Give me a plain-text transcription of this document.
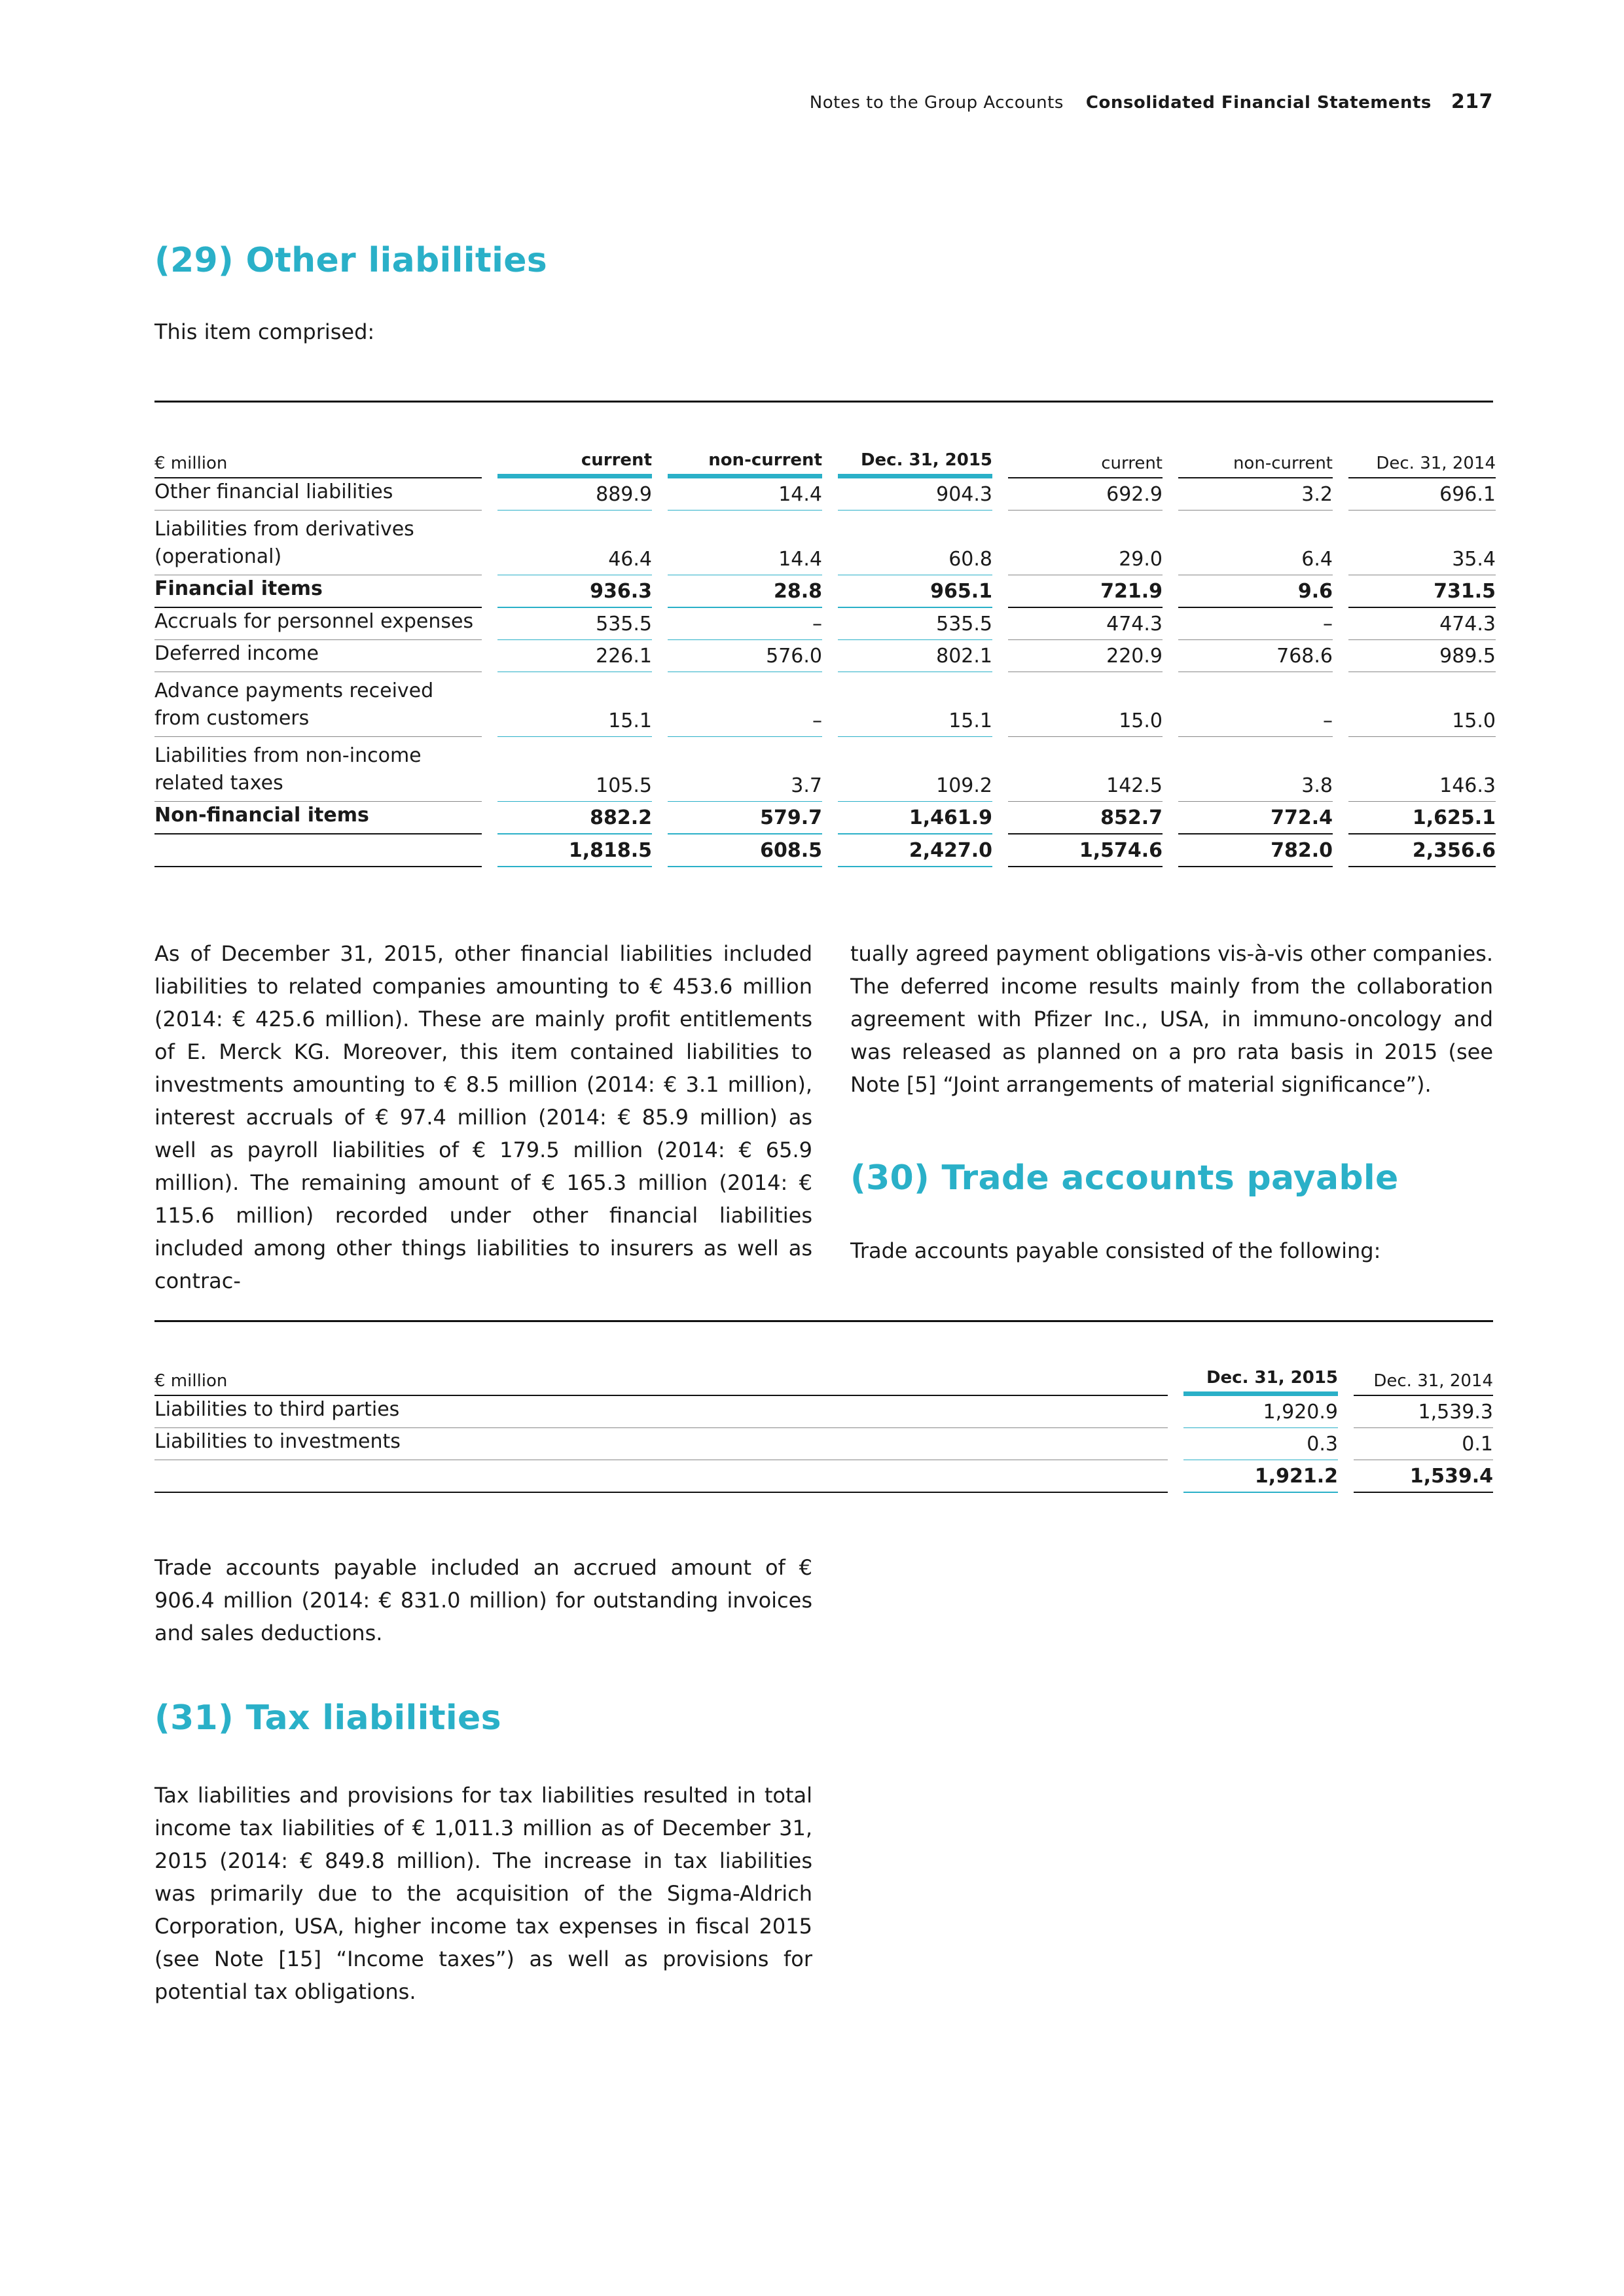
Notes to the Group Accounts Consolidated Financial Statements 217
(29) Other liabilities

This item comprised:

€ million		current		non-current		Dec. 31, 2015		current		non-current		Dec. 31, 2014
Other financial liabilities		889.9		14.4		904.3		692.9		3.2		696.1
Liabilities from derivatives (operational)		46.4		14.4		60.8		29.0		6.4		35.4
Financial items		936.3		28.8		965.1		721.9		9.6		731.5
Accruals for personnel expenses		535.5		–		535.5		474.3		–		474.3
Deferred income		226.1		576.0		802.1		220.9		768.6		989.5
Advance payments received from customers		15.1		–		15.1		15.0		–		15.0
Liabilities from non-income related taxes		105.5		3.7		109.2		142.5		3.8		146.3
Non-financial items		882.2		579.7		1,461.9		852.7		772.4		1,625.1
		1,818.5		608.5		2,427.0		1,574.6		782.0		2,356.6

As of December 31, 2015, other financial liabilities included liabilities to related companies amounting to € 453.6 million (2014: € 425.6 million). These are mainly profit entitlements of E. Merck KG. Moreover, this item contained liabilities to investments amounting to € 8.5 million (2014: € 3.1 million), interest accruals of € 97.4 million (2014: € 85.9 million) as well as payroll liabilities of € 179.5 million (2014: € 65.9 million). The remaining amount of € 165.3 million (2014: € 115.6 million) recorded under other financial liabilities included among other things liabilities to insurers as well as contrac-

tually agreed payment obligations vis-à-vis other companies. The deferred income results mainly from the collaboration agreement with Pfizer Inc., USA, in immuno-oncology and was released as planned on a pro rata basis in 2015 (see Note [5] “Joint arrangements of material significance”).

(30) Trade accounts payable

Trade accounts payable consisted of the following:

€ million		Dec. 31, 2015		Dec. 31, 2014
Liabilities to third parties		1,920.9		1,539.3
Liabilities to investments		0.3		0.1
		1,921.2		1,539.4

Trade accounts payable included an accrued amount of € 906.4 million (2014: € 831.0 million) for outstanding invoices and sales deductions.

(31) Tax liabilities

Tax liabilities and provisions for tax liabilities resulted in total income tax liabilities of € 1,011.3 million as of December 31, 2015 (2014: € 849.8 million). The increase in tax liabilities was primarily due to the acquisition of the Sigma-Aldrich Corporation, USA, higher income tax expenses in fiscal 2015 (see Note [15] “Income taxes”) as well as provisions for potential tax obligations.
